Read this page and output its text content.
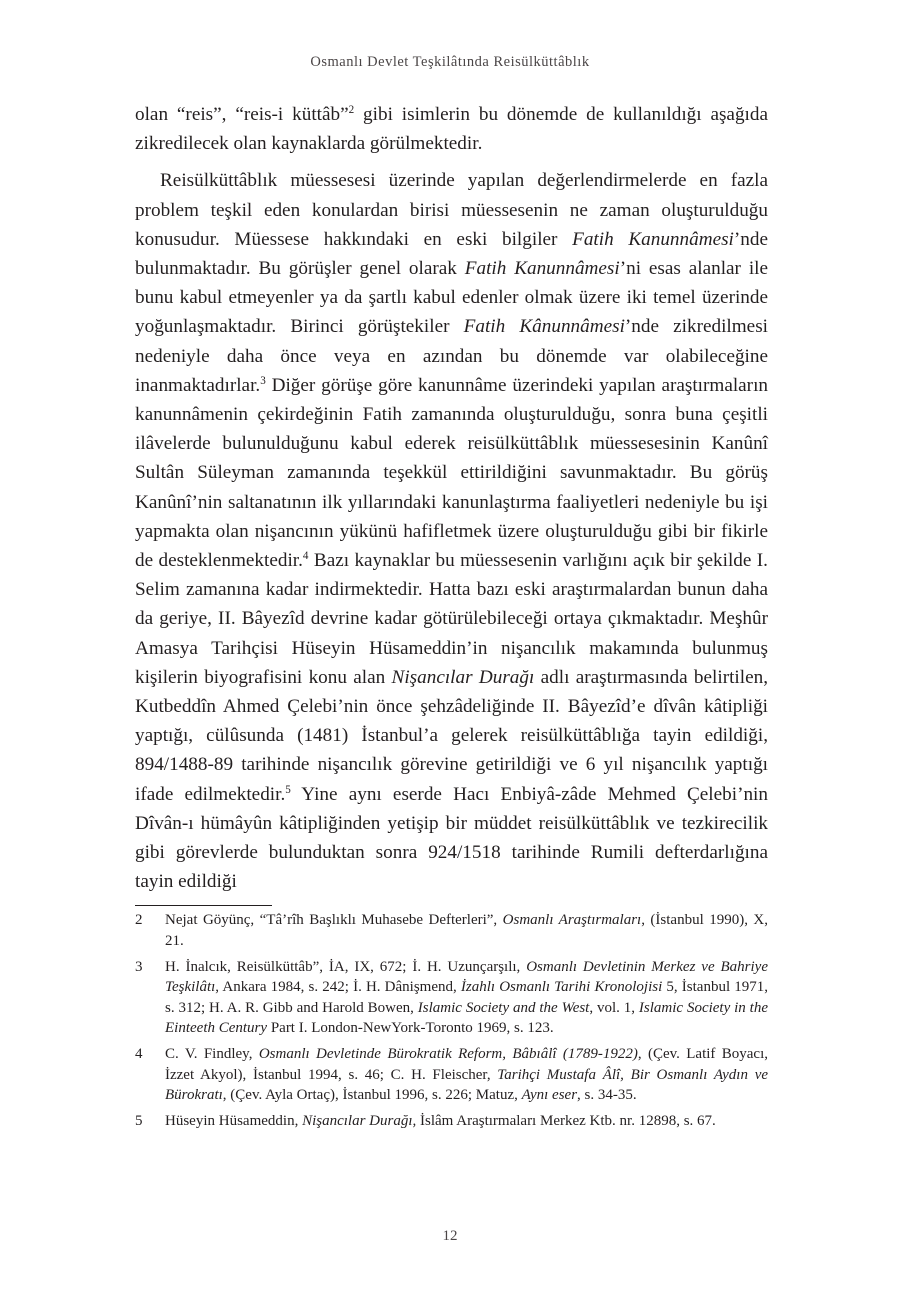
Osmanlı Devlet Teşkilâtında Reisülküttâblık

olan “reis”, “reis-i küttâb”$^2$ gibi isimlerin bu dönemde de kullanıldığı aşağıda zikredilecek olan kaynaklarda görülmektedir.

Reisülküttâblık müessesesi üzerinde yapılan değerlendirmelerde en fazla problem teşkil eden konulardan birisi müessesenin ne zaman oluşturulduğu konusudur. Müessese hakkındaki en eski bilgiler Fatih Kanunnâmesi’nde bulunmaktadır. Bu görüşler genel olarak Fatih Kanunnâmesi’ni esas alanlar ile bunu kabul etmeyenler ya da şartlı kabul edenler olmak üzere iki temel üzerinde yoğunlaşmaktadır. Birinci görüştekiler Fatih Kânunnâmesi’nde zikredilmesi nedeniyle daha önce veya en azından bu dönemde var olabileceğine inanmaktadırlar.$^3$ Diğer görüşe göre kanunnâme üzerindeki yapılan araştırmaların kanunnâmenin çekirdeğinin Fatih zamanında oluşturulduğu, sonra buna çeşitli ilâvelerde bulunulduğunu kabul ederek reisülküttâblık müessesesinin Kanûnî Sultân Süleyman zamanında teşekkül ettirildiğini savunmaktadır. Bu görüş Kanûnî’nin saltanatının ilk yıllarındaki kanunlaştırma faaliyetleri nedeniyle bu işi yapmakta olan nişancının yükünü hafifletmek üzere oluşturulduğu gibi bir fikirle de desteklenmektedir.$^4$ Bazı kaynaklar bu müessesenin varlığını açık bir şekilde I. Selim zamanına kadar indirmektedir. Hatta bazı eski araştırmalardan bunun daha da geriye, II. Bâyezîd devrine kadar götürülebileceği ortaya çıkmaktadır. Meşhûr Amasya Tarihçisi Hüseyin Hüsameddin’in nişancılık makamında bulunmuş kişilerin biyografisini konu alan Nişancılar Durağı adlı araştırmasında belirtilen, Kutbeddîn Ahmed Çelebi’nin önce şehzâdeliğinde II. Bâyezîd’e dîvân kâtipliği yaptığı, cülûsunda (1481) İstanbul’a gelerek reisülküttâblığa tayin edildiği, 894/1488-89 tarihinde nişancılık görevine getirildiği ve 6 yıl nişancılık yaptığı ifade edilmektedir.$^5$ Yine aynı eserde Hacı Enbiyâ-zâde Mehmed Çelebi’nin Dîvân-ı hümâyûn kâtipliğinden yetişip bir müddet reisülküttâblık ve tezkirecilik gibi görevlerde bulunduktan sonra 924/1518 tarihinde Rumili defterdarlığına tayin edildiği

2	Nejat Göyünç, “Tâ’rîh Başlıklı Muhasebe Defterleri”, Osmanlı Araştırmaları, (İstanbul 1990), X, 21.
3	H. İnalcık, Reisülküttâb”, İA, IX, 672; İ. H. Uzunçarşılı, Osmanlı Devletinin Merkez ve Bahriye Teşkilâtı, Ankara 1984, s. 242; İ. H. Dânişmend, İzahlı Osmanlı Tarihi Kronolojisi 5, İstanbul 1971, s. 312; H. A. R. Gibb and Harold Bowen, Islamic Society and the West, vol. 1, Islamic Society in the Einteeth Century Part I. London-NewYork-Toronto 1969, s. 123.
4	C. V. Findley, Osmanlı Devletinde Bürokratik Reform, Bâbıâlî (1789-1922), (Çev. Latif Boyacı, İzzet Akyol), İstanbul 1994, s. 46; C. H. Fleischer, Tarihçi Mustafa Âlî, Bir Osmanlı Aydın ve Bürokratı, (Çev. Ayla Ortaç), İstanbul 1996, s. 226; Matuz, Aynı eser, s. 34-35.
5	Hüseyin Hüsameddin, Nişancılar Durağı, İslâm Araştırmaları Merkez Ktb. nr. 12898, s. 67.
12
